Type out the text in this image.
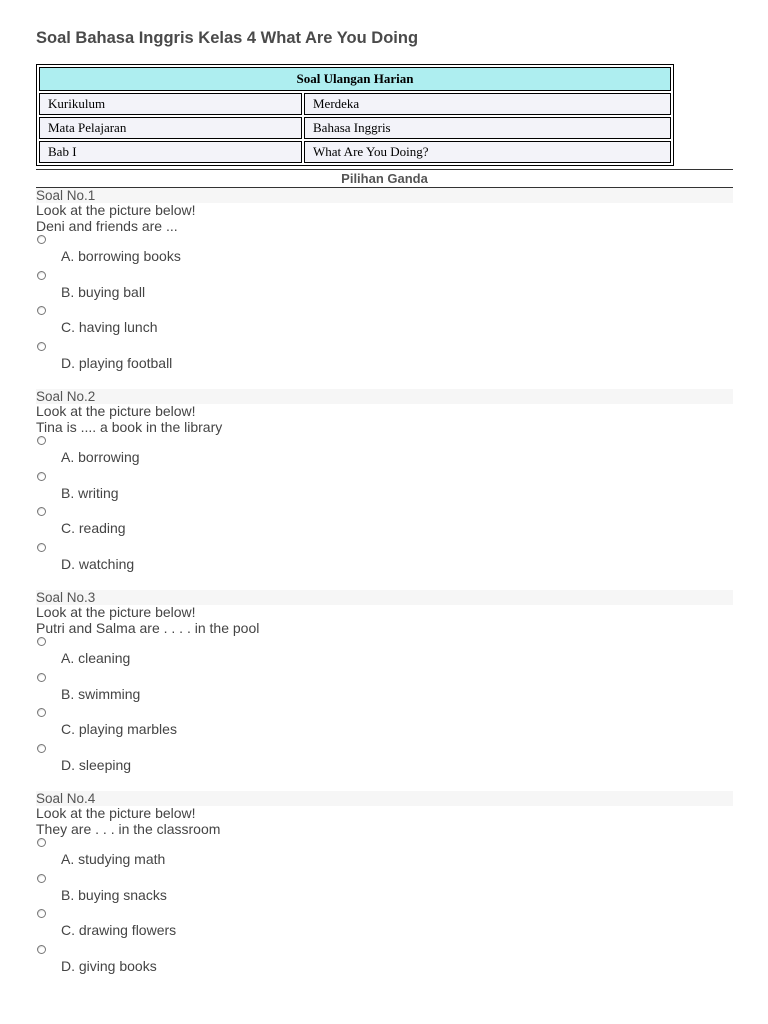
Soal Bahasa Inggris Kelas 4 What Are You Doing
Soal Ulangan Harian	
Kurikulum	Merdeka
Mata Pelajaran	Bahasa Inggris
Bab I	What Are You Doing?
Pilihan Ganda
Soal No.1
Look at the picture below!
Deni and friends are ...
A. borrowing books
B. buying ball
C. having lunch
D. playing football
Soal No.2
Look at the picture below!
Tina is .... a book in the library
A. borrowing
B. writing
C. reading
D. watching
Soal No.3
Look at the picture below!
Putri and Salma are . . . . in the pool
A. cleaning
B. swimming
C. playing marbles
D. sleeping
Soal No.4
Look at the picture below!
They are . . . in the classroom
A. studying math
B. buying snacks
C. drawing flowers
D. giving books
